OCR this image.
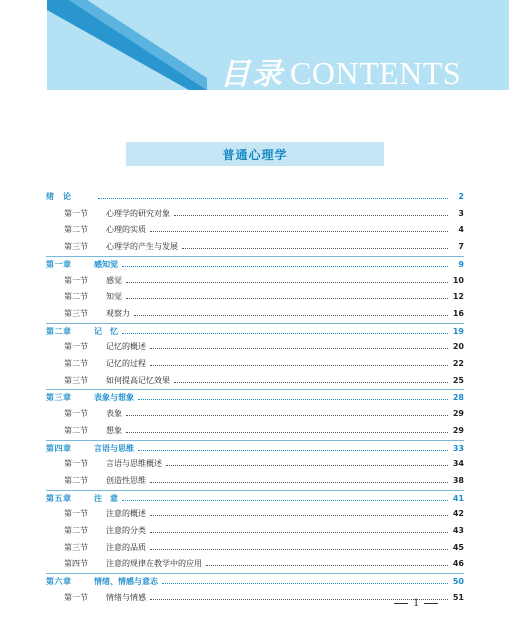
目录 CONTENTS
普通心理学
绪　论	2
第一节	心理学的研究对象	3
第二节	心理的实质	4
第三节	心理学的产生与发展	7
第一章	感知觉	9
第一节	感觉	10
第二节	知觉	12
第三节	观察力	16
第二章	记　忆	19
第一节	记忆的概述	20
第二节	记忆的过程	22
第三节	如何提高记忆效果	25
第三章	表象与想象	28
第一节	表象	29
第二节	想象	29
第四章	言语与思维	33
第一节	言语与思维概述	34
第二节	创造性思维	38
第五章	注　意	41
第一节	注意的概述	42
第二节	注意的分类	43
第三节	注意的品质	45
第四节	注意的规律在教学中的应用	46
第六章	情绪、情感与意志	50
第一节	情绪与情感	51
1
